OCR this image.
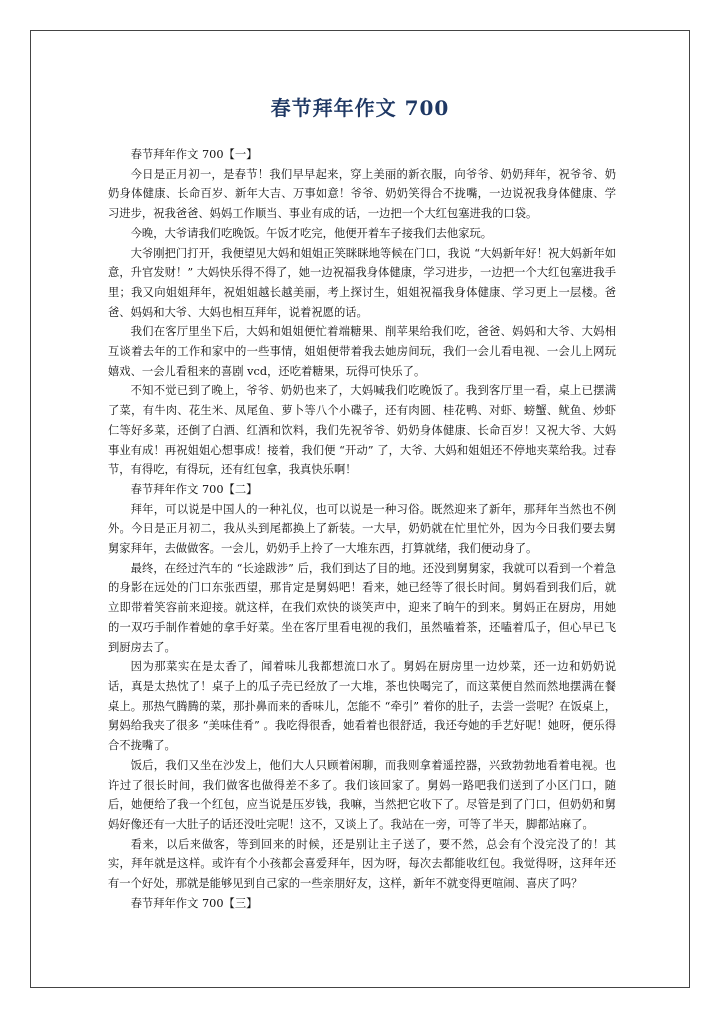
春节拜年作文 700

春节拜年作文 700【一】

今日是正月初一，是春节！我们早早起来，穿上美丽的新衣服，向爷爷、奶奶拜年，祝爷爷、奶奶身体健康、长命百岁、新年大吉、万事如意！爷爷、奶奶笑得合不拢嘴，一边说祝我身体健康、学习进步，祝我爸爸、妈妈工作顺当、事业有成的话，一边把一个大红包塞进我的口袋。

今晚，大爷请我们吃晚饭。午饭才吃完，他便开着车子接我们去他家玩。

大爷刚把门打开，我便望见大妈和姐姐正笑眯眯地等候在门口，我说 “大妈新年好！祝大妈新年如意，升官发财！” 大妈快乐得不得了，她一边祝福我身体健康，学习进步，一边把一个大红包塞进我手里；我又向姐姐拜年，祝姐姐越长越美丽，考上探讨生，姐姐祝福我身体健康、学习更上一层楼。爸爸、妈妈和大爷、大妈也相互拜年，说着祝愿的话。

我们在客厅里坐下后，大妈和姐姐便忙着端糖果、削苹果给我们吃，爸爸、妈妈和大爷、大妈相互谈着去年的工作和家中的一些事情，姐姐便带着我去她房间玩，我们一会儿看电视、一会儿上网玩嬉戏、一会儿看租来的喜剧 vcd，还吃着糖果，玩得可快乐了。

不知不觉已到了晚上，爷爷、奶奶也来了，大妈喊我们吃晚饭了。我到客厅里一看，桌上已摆满了菜，有牛肉、花生米、凤尾鱼、萝卜等八个小碟子，还有肉圆、桂花鸭、对虾、螃蟹、鱿鱼、炒虾仁等好多菜，还倒了白酒、红酒和饮料，我们先祝爷爷、奶奶身体健康、长命百岁！又祝大爷、大妈事业有成！再祝姐姐心想事成！接着，我们便 “开动” 了，大爷、大妈和姐姐还不停地夹菜给我。过春节，有得吃，有得玩，还有红包拿，我真快乐啊！

春节拜年作文 700【二】

拜年，可以说是中国人的一种礼仪，也可以说是一种习俗。既然迎来了新年，那拜年当然也不例外。今日是正月初二，我从头到尾都换上了新装。一大早，奶奶就在忙里忙外，因为今日我们要去舅舅家拜年，去做做客。一会儿，奶奶手上拎了一大堆东西，打算就绪，我们便动身了。

最终，在经过汽车的 “长途跋涉” 后，我们到达了目的地。还没到舅舅家，我就可以看到一个着急的身影在远处的门口东张西望，那肯定是舅妈吧！看来，她已经等了很长时间。舅妈看到我们后，就立即带着笑容前来迎接。就这样，在我们欢快的谈笑声中，迎来了晌午的到来。舅妈正在厨房，用她的一双巧手制作着她的拿手好菜。坐在客厅里看电视的我们，虽然嗑着茶，还嗑着瓜子，但心早已飞到厨房去了。

因为那菜实在是太香了，闻着味儿我都想流口水了。舅妈在厨房里一边炒菜，还一边和奶奶说话，真是太热忱了！桌子上的瓜子壳已经放了一大堆，茶也快喝完了，而这菜便自然而然地摆满在餐桌上。那热气腾腾的菜，那扑鼻而来的香味儿，怎能不 “牵引” 着你的肚子，去尝一尝呢？在饭桌上，舅妈给我夹了很多 “美味佳肴” 。我吃得很香，她看着也很舒适，我还夸她的手艺好呢！她呀，便乐得合不拢嘴了。

饭后，我们又坐在沙发上，他们大人只顾着闲聊，而我则拿着遥控器，兴致勃勃地看着电视。也许过了很长时间，我们做客也做得差不多了。我们该回家了。舅妈一路吧我们送到了小区门口，随后，她便给了我一个红包，应当说是压岁钱，我嘛，当然把它收下了。尽管是到了门口，但奶奶和舅妈好像还有一大肚子的话还没吐完呢！这不，又谈上了。我站在一旁，可等了半天，脚都站麻了。

看来，以后来做客，等到回来的时候，还是别让主子送了，要不然，总会有个没完没了的！其实，拜年就是这样。或许有个小孩都会喜爱拜年，因为呀，每次去都能收红包。我觉得呀，这拜年还有一个好处，那就是能够见到自己家的一些亲朋好友，这样，新年不就变得更喧闹、喜庆了吗？

春节拜年作文 700【三】
